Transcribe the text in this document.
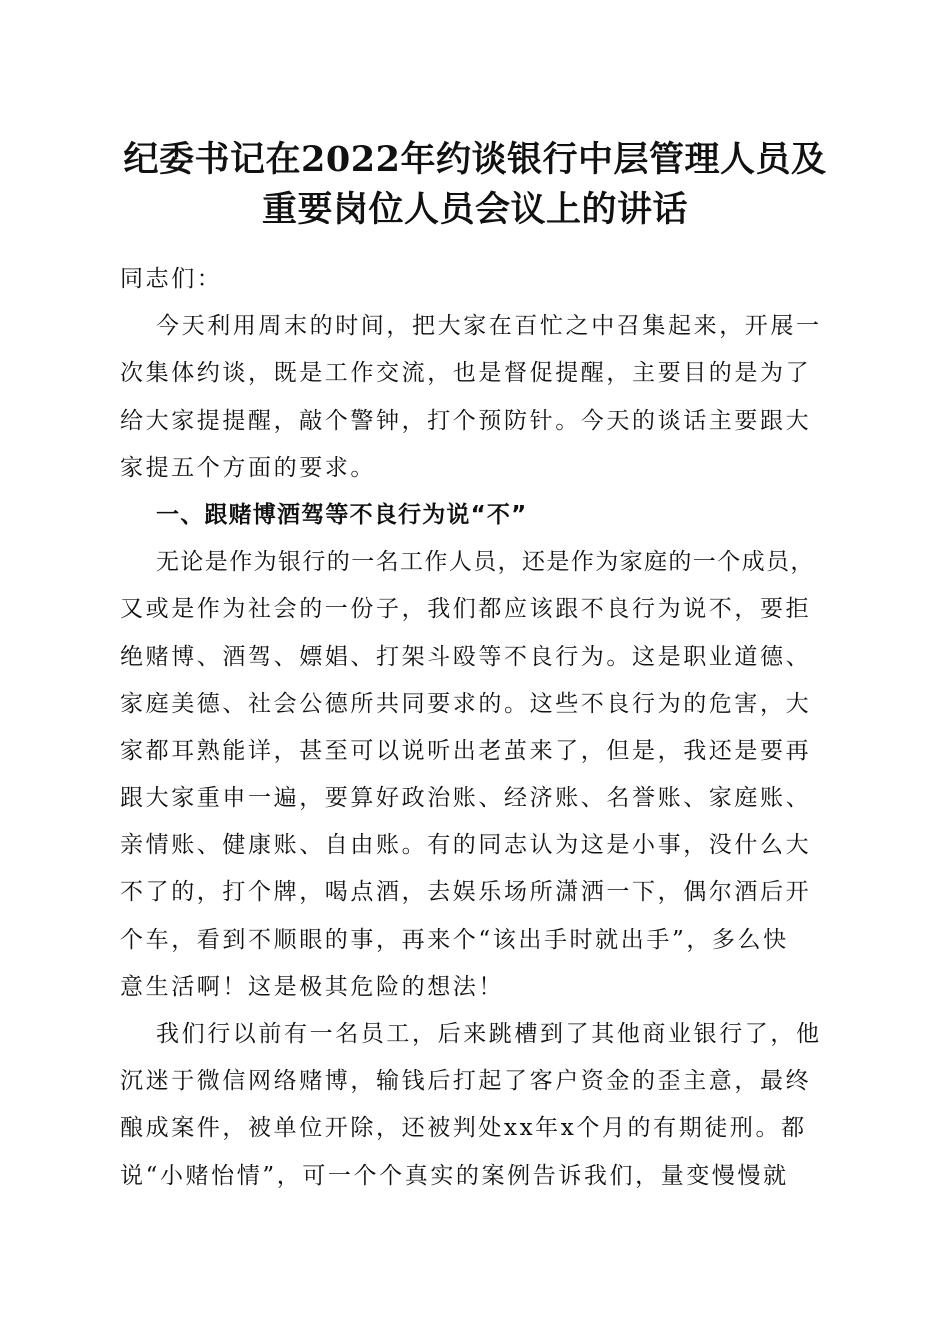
纪委书记在2022年约谈银行中层管理人员及
重要岗位人员会议上的讲话
同志们：
今天利用周末的时间，把大家在百忙之中召集起来，开展一
次集体约谈，既是工作交流，也是督促提醒，主要目的是为了
给大家提提醒，敲个警钟，打个预防针。今天的谈话主要跟大
家提五个方面的要求。
一、跟赌博酒驾等不良行为说“不”
无论是作为银行的一名工作人员，还是作为家庭的一个成员，
又或是作为社会的一份子，我们都应该跟不良行为说不，要拒
绝赌博、酒驾、嫖娼、打架斗殴等不良行为。这是职业道德、
家庭美德、社会公德所共同要求的。这些不良行为的危害，大
家都耳熟能详，甚至可以说听出老茧来了，但是，我还是要再
跟大家重申一遍，要算好政治账、经济账、名誉账、家庭账、
亲情账、健康账、自由账。有的同志认为这是小事，没什么大
不了的，打个牌，喝点酒，去娱乐场所潇洒一下，偶尔酒后开
个车，看到不顺眼的事，再来个“该出手时就出手”，多么快
意生活啊！这是极其危险的想法！
我们行以前有一名员工，后来跳槽到了其他商业银行了，他
沉迷于微信网络赌博，输钱后打起了客户资金的歪主意，最终
酿成案件，被单位开除，还被判处xx年x个月的有期徒刑。都
说“小赌怡情”，可一个个真实的案例告诉我们，量变慢慢就
